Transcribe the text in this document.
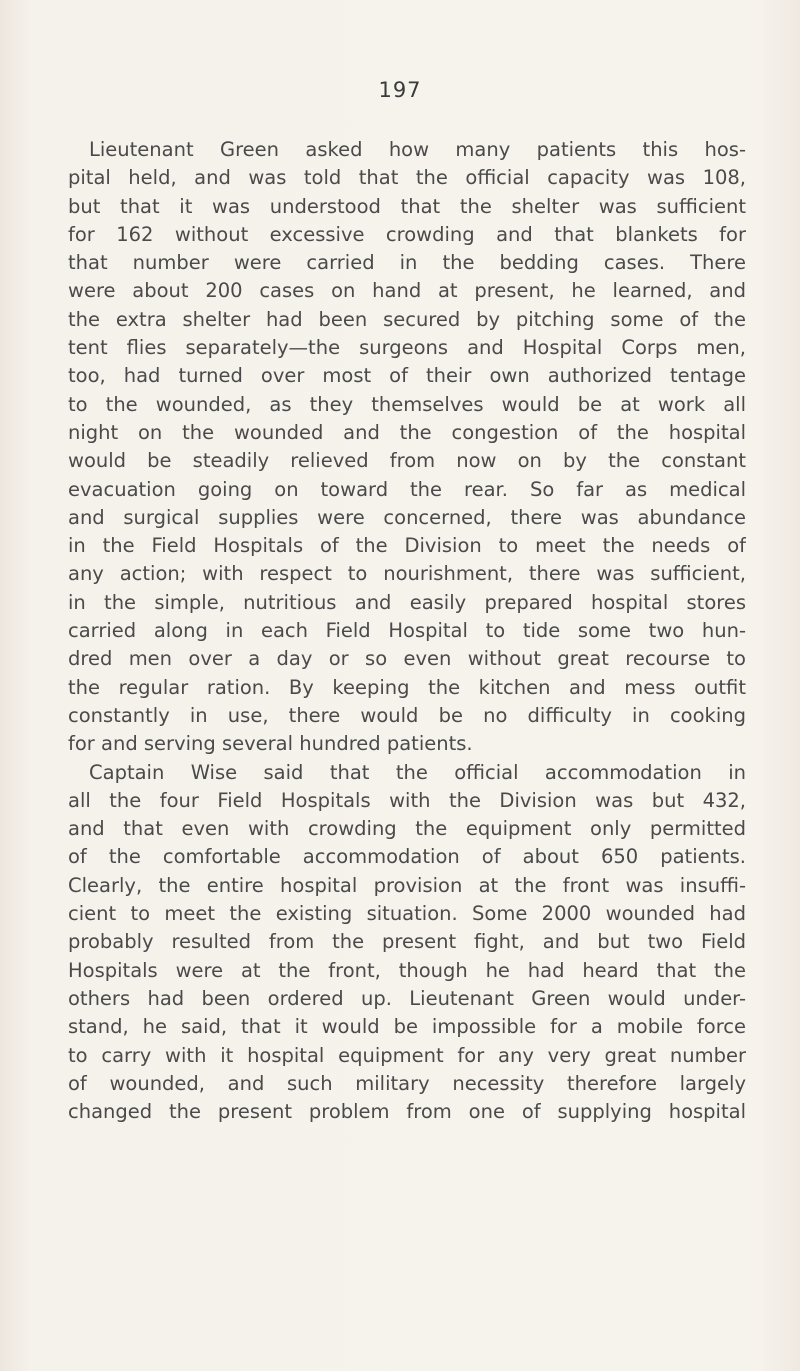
197
Lieutenant Green asked how many patients this hos-
pital held, and was told that the official capacity was 108,
but that it was understood that the shelter was sufficient
for 162 without excessive crowding and that blankets for
that number were carried in the bedding cases. There
were about 200 cases on hand at present, he learned, and
the extra shelter had been secured by pitching some of the
tent flies separately—the surgeons and Hospital Corps men,
too, had turned over most of their own authorized tentage
to the wounded, as they themselves would be at work all
night on the wounded and the congestion of the hospital
would be steadily relieved from now on by the constant
evacuation going on toward the rear. So far as medical
and surgical supplies were concerned, there was abundance
in the Field Hospitals of the Division to meet the needs of
any action; with respect to nourishment, there was sufficient,
in the simple, nutritious and easily prepared hospital stores
carried along in each Field Hospital to tide some two hun-
dred men over a day or so even without great recourse to
the regular ration. By keeping the kitchen and mess outfit
constantly in use, there would be no difficulty in cooking
for and serving several hundred patients.
Captain Wise said that the official accommodation in
all the four Field Hospitals with the Division was but 432,
and that even with crowding the equipment only permitted
of the comfortable accommodation of about 650 patients.
Clearly, the entire hospital provision at the front was insuffi-
cient to meet the existing situation. Some 2000 wounded had
probably resulted from the present fight, and but two Field
Hospitals were at the front, though he had heard that the
others had been ordered up. Lieutenant Green would under-
stand, he said, that it would be impossible for a mobile force
to carry with it hospital equipment for any very great number
of wounded, and such military necessity therefore largely
changed the present problem from one of supplying hospital
